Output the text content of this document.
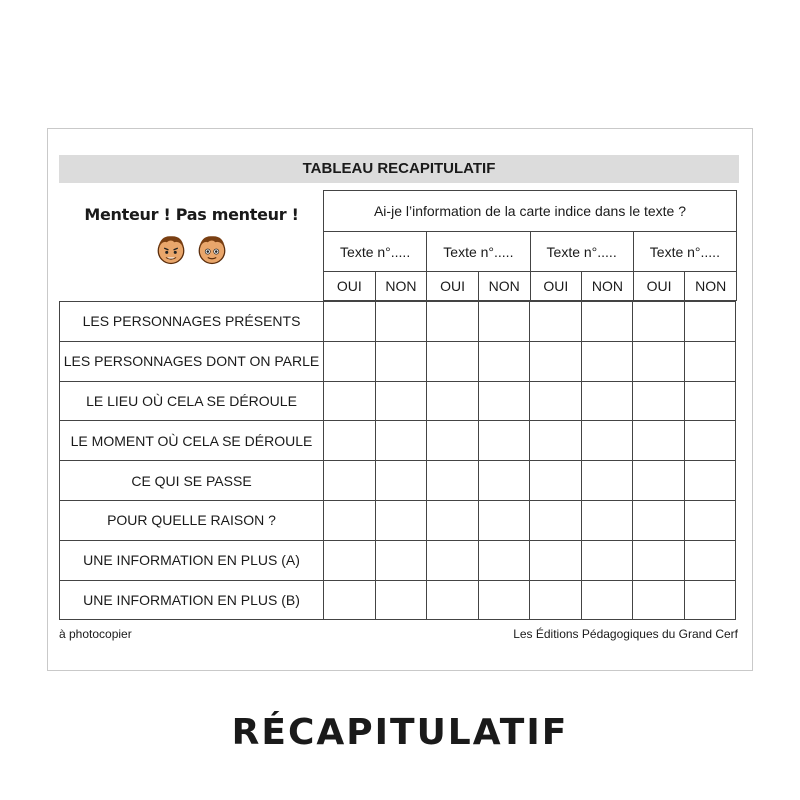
TABLEAU RECAPITULATIF
Menteur ! Pas menteur !
	Ai-je l’information de la carte indice dans le texte ?							
Texte n°.....		Texte n°.....		Texte n°.....		Texte n°.....	
OUI	NON	OUI	NON	OUI	NON	OUI	NON
LES PERSONNAGES PRÉSENTS								
LES PERSONNAGES DONT ON PARLE								
LE LIEU OÙ CELA SE DÉROULE								
LE MOMENT OÙ CELA SE DÉROULE								
CE QUI SE PASSE								
POUR QUELLE RAISON ?								
UNE INFORMATION EN PLUS (A)								
UNE INFORMATION EN PLUS (B)								
à photocopier	Les Éditions Pédagogiques du Grand Cerf
RÉCAPITULATIF
